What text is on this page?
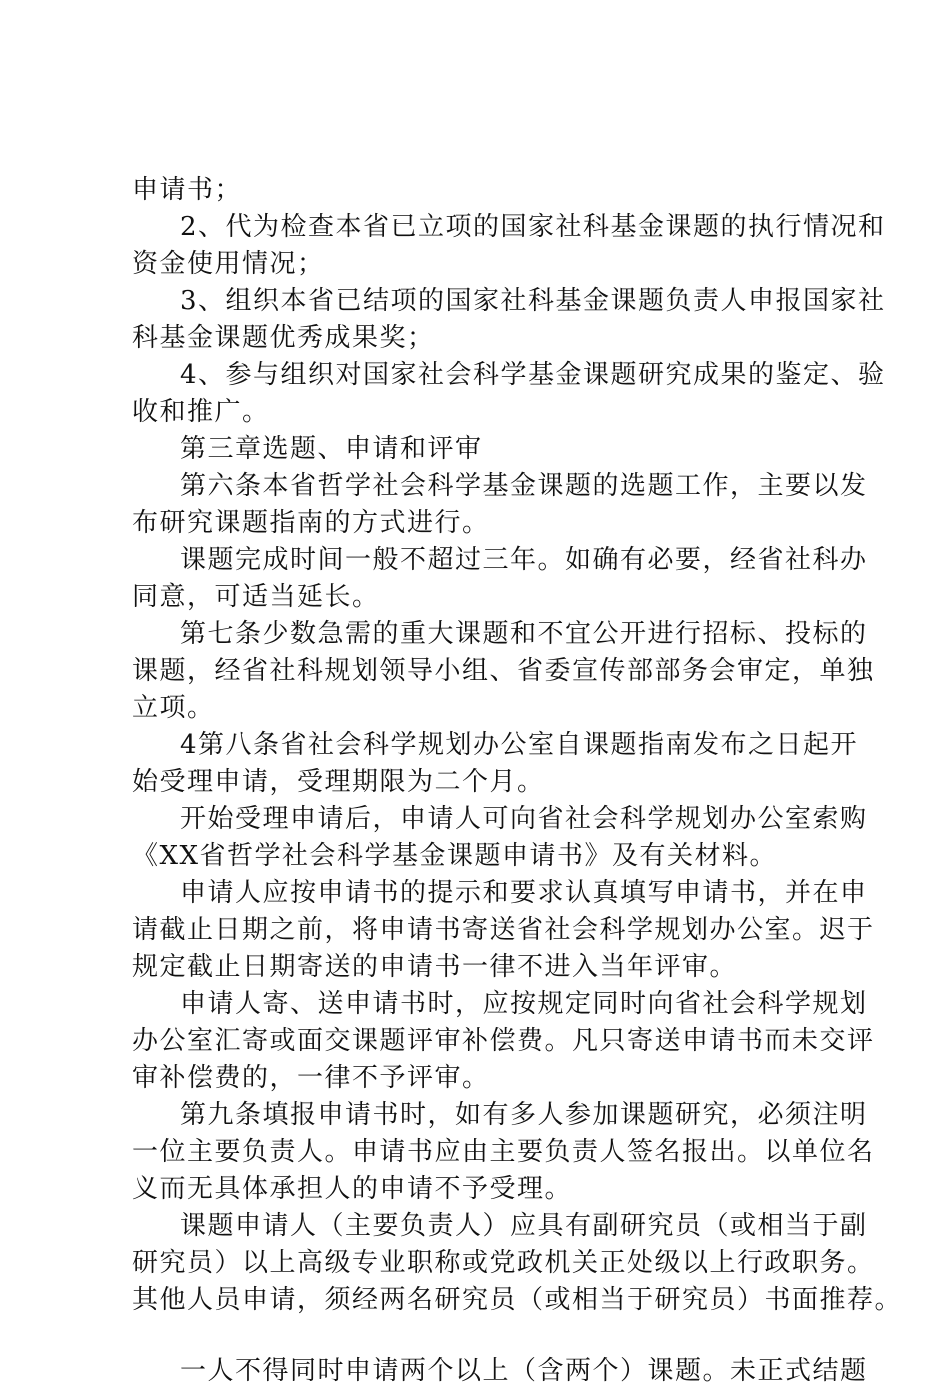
申请书；
2、代为检查本省已立项的国家社科基金课题的执行情况和
资金使用情况；
3、组织本省已结项的国家社科基金课题负责人申报国家社
科基金课题优秀成果奖；
4、参与组织对国家社会科学基金课题研究成果的鉴定、验
收和推广。
第三章选题、申请和评审
第六条本省哲学社会科学基金课题的选题工作，主要以发
布研究课题指南的方式进行。
课题完成时间一般不超过三年。如确有必要，经省社科办
同意，可适当延长。
第七条少数急需的重大课题和不宜公开进行招标、投标的
课题，经省社科规划领导小组、省委宣传部部务会审定，单独
立项。
4第八条省社会科学规划办公室自课题指南发布之日起开
始受理申请，受理期限为二个月。
开始受理申请后，申请人可向省社会科学规划办公室索购
《XX省哲学社会科学基金课题申请书》及有关材料。
申请人应按申请书的提示和要求认真填写申请书，并在申
请截止日期之前，将申请书寄送省社会科学规划办公室。迟于
规定截止日期寄送的申请书一律不进入当年评审。
申请人寄、送申请书时，应按规定同时向省社会科学规划
办公室汇寄或面交课题评审补偿费。凡只寄送申请书而未交评
审补偿费的，一律不予评审。
第九条填报申请书时，如有多人参加课题研究，必须注明
一位主要负责人。申请书应由主要负责人签名报出。以单位名
义而无具体承担人的申请不予受理。
课题申请人（主要负责人）应具有副研究员（或相当于副
研究员）以上高级专业职称或党政机关正处级以上行政职务。
其他人员申请，须经两名研究员（或相当于研究员）书面推荐。
一人不得同时申请两个以上（含两个）课题。未正式结题
